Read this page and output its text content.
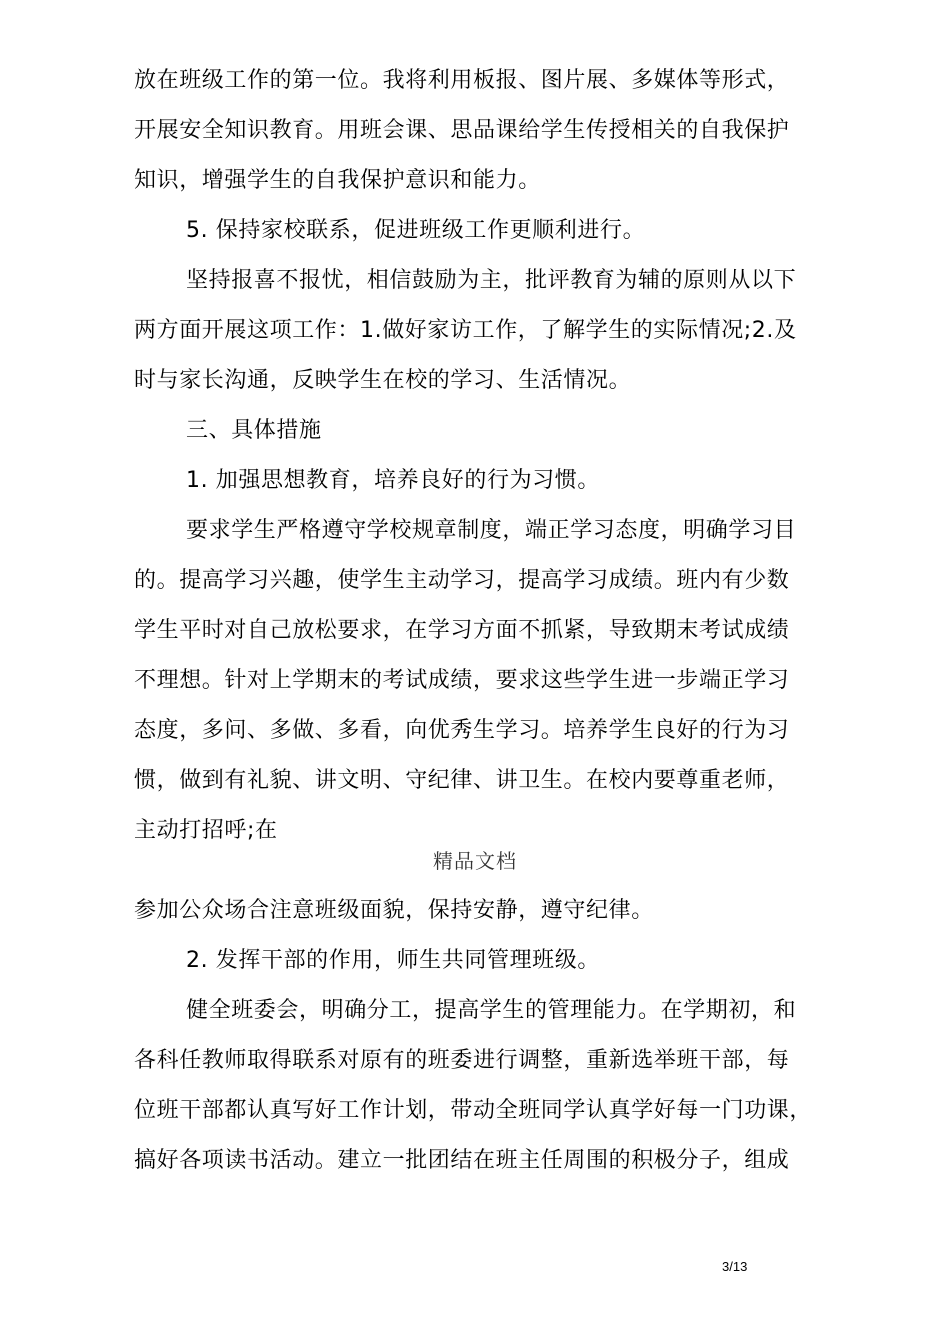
放在班级工作的第一位。我将利用板报、图片展、多媒体等形式，
开展安全知识教育。用班会课、思品课给学生传授相关的自我保护
知识，增强学生的自我保护意识和能力。
5. 保持家校联系，促进班级工作更顺利进行。
坚持报喜不报忧，相信鼓励为主，批评教育为辅的原则从以下
两方面开展这项工作：1.做好家访工作，了解学生的实际情况;2.及
时与家长沟通，反映学生在校的学习、生活情况。
三、具体措施
1. 加强思想教育，培养良好的行为习惯。
要求学生严格遵守学校规章制度，端正学习态度，明确学习目
的。提高学习兴趣，使学生主动学习，提高学习成绩。班内有少数
学生平时对自己放松要求，在学习方面不抓紧，导致期末考试成绩
不理想。针对上学期末的考试成绩，要求这些学生进一步端正学习
态度，多问、多做、多看，向优秀生学习。培养学生良好的行为习
惯，做到有礼貌、讲文明、守纪律、讲卫生。在校内要尊重老师，
主动打招呼;在
精品文档
参加公众场合注意班级面貌，保持安静，遵守纪律。
2. 发挥干部的作用，师生共同管理班级。
健全班委会，明确分工，提高学生的管理能力。在学期初，和
各科任教师取得联系对原有的班委进行调整，重新选举班干部，每
位班干部都认真写好工作计划，带动全班同学认真学好每一门功课，
搞好各项读书活动。建立一批团结在班主任周围的积极分子，组成
3/13
